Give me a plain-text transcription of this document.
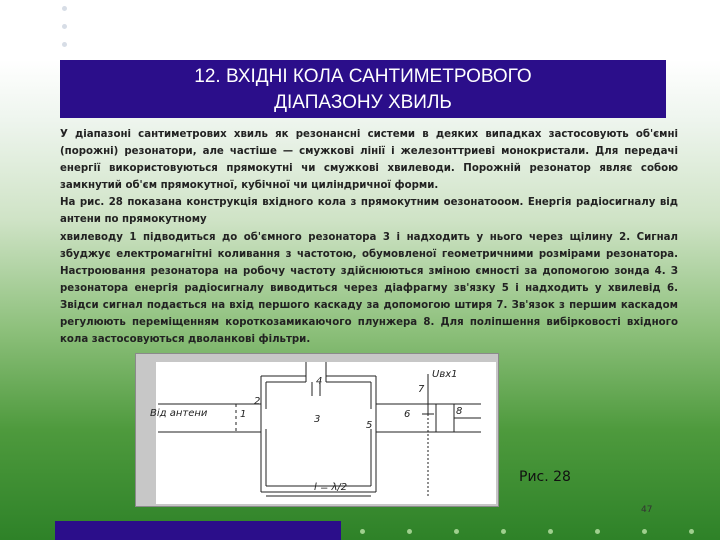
12. ВХІДНІ КОЛА САНТИМЕТРОВОГО
ДІАПАЗОНУ ХВИЛЬ

У діапазоні сантиметрових хвиль як резонансні системи в деяких випадках застосовують об'ємні (порожні) резонатори, але частіше — смужкові лінії і железонттриеві монокристали. Для передачі енергії використовуються прямокутні чи смужкові хвилеводи. Порожній резонатор являє собою замкнутий об'єм прямокутної, кубічної чи циліндричної форми.

На рис. 28 показана конструкція вхідного кола з прямокутним оезонатооом. Енергія радіосигналу від антени по прямокутному

хвилеводу 1 підводиться до об'ємного резонатора 3 і надходить у нього через щілину 2. Сигнал збуджує електромагнітні коливання з частотою, обумовленої геометричними розмірами резонатора. Настроювання резонатора на робочу частоту здійснюються зміною ємності за допомогою зонда 4. З резонатора енергія радіосигналу виводиться через діафрагму зв'язку 5 і надходить у хвилевід 6. Звідси сигнал подається на вхід першого каскаду за допомогою штиря 7. Зв'язок з першим каскадом регулюють переміщенням короткозамикаючого плунжера 8. Для поліпшення вибірковості вхідного кола застосовуються дволанкові фільтри.

Від антени	1
2
3
4
5
6
7
8
Uвх1
l = λ/2
Рис. 28
47
